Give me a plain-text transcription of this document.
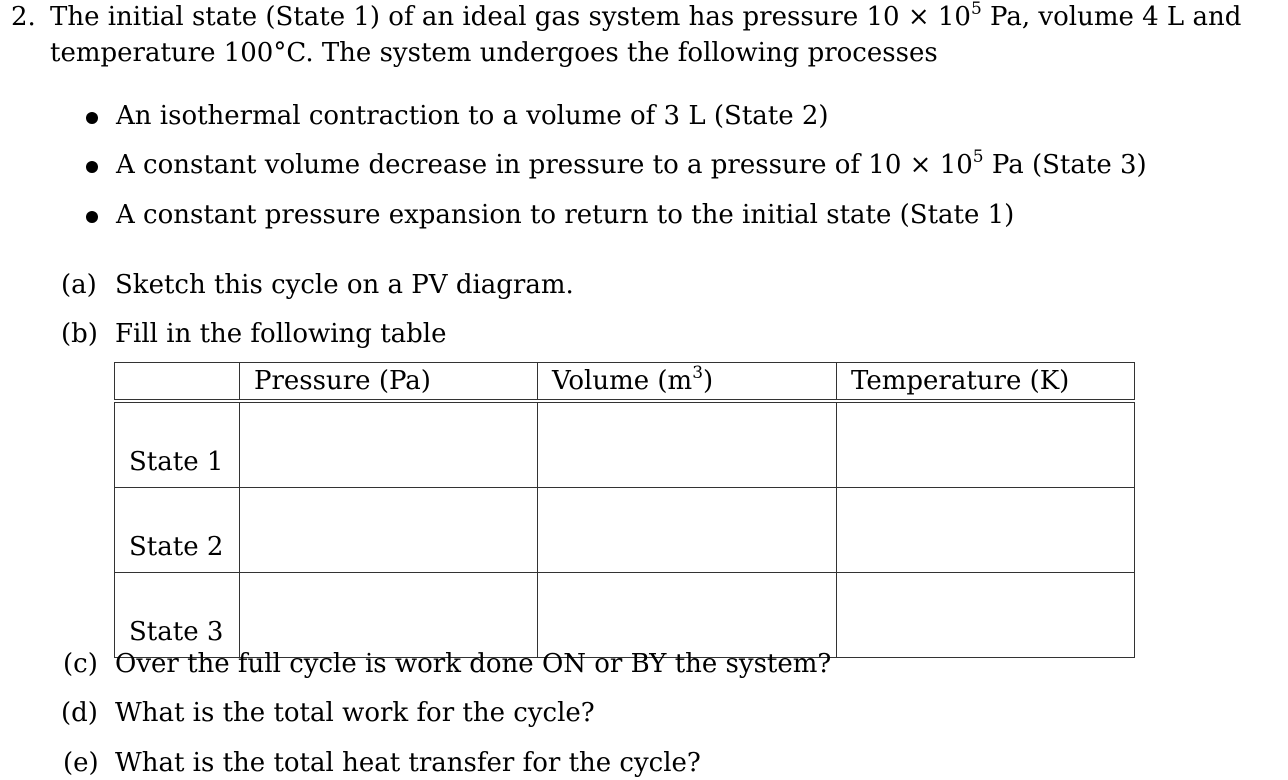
2. The initial state (State 1) of an ideal gas system has pressure $10 \times 10^5$ Pa, volume 4 L and
temperature 100°C. The system undergoes the following processes
An isothermal contraction to a volume of 3 L (State 2)
A constant volume decrease in pressure to a pressure of $10 \times 10^5$ Pa (State 3)
A constant pressure expansion to return to the initial state (State 1)
(a) Sketch this cycle on a PV diagram.
(b) Fill in the following table
	Pressure (Pa)	Volume $(m^3)$	Temperature (K)
State 1			
State 2			
State 3			
(c) Over the full cycle is work done ON or BY the system?
(d) What is the total work for the cycle?
(e) What is the total heat transfer for the cycle?
